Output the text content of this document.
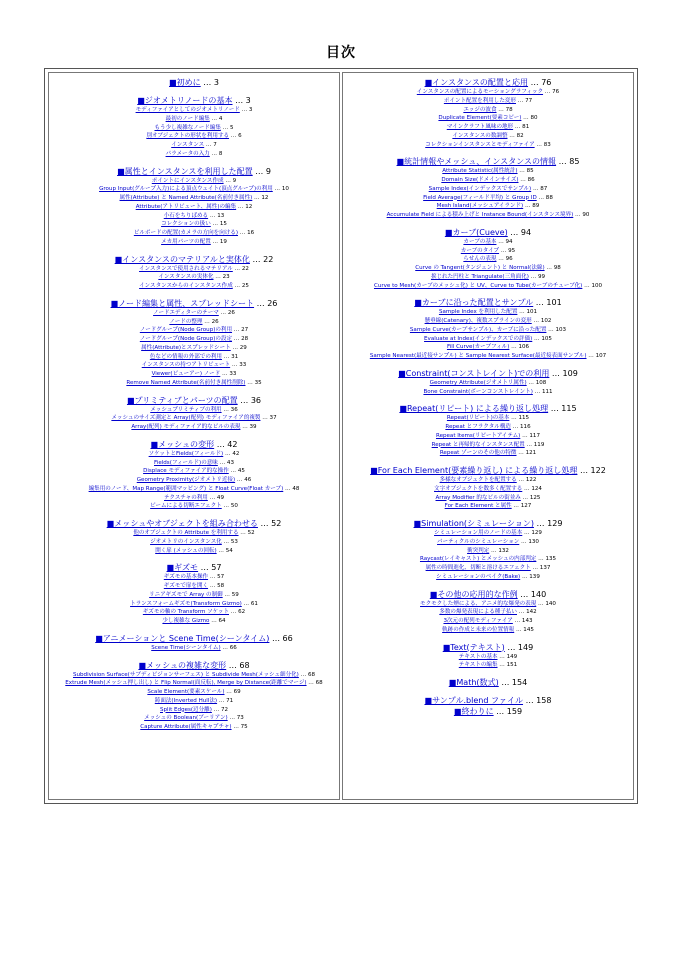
目次
■初めに … 3
■ジオメトリノードの基本 … 3
モディファイアとしてのジオメトリノード … 3
最初のノード編集 … 4
もう少し複雑なノード編集 … 5
別オブジェクトの形状を利用する … 6
インスタンス … 7
パラメータの入力 … 8
■属性とインスタンスを利用した配置 … 9
ポイントにインスタンス作成 … 9
Group Input(グループ入力)による頂点ウェイト(頂点グループ)の利用 … 10
属性(Attribute) と Named Attribute(名前付き属性) … 12
Attribute(アトリビュート、属性)の編集 … 12
小石をちりばめる … 13
コレクションの扱い … 15
ビルボードの配置(カメラの方向を向ける) … 16
メカ用パーツの配置 … 19
■インスタンスのマテリアルと実体化 … 22
インスタンスで使用されるマテリアル … 22
インスタンスの実体化 … 23
インスタンスからのインスタンス作成 … 25
■ノード編集と属性、スプレッドシート … 26
ノードエディターのテーマ … 26
ノードの整理 … 26
ノードグループ(Node Group)の利用 … 27
ノードグループ(Node Group)の設定 … 28
属性(Attribute)とスプレッドシート … 29
色などの情報の外部での利用 … 31
インスタンスの持つアトリビュート … 33
Viewer(ビューアー) ノード … 33
Remove Named Attribute(名前付き属性削除) … 35
■プリミティブとパーツの配置 … 36
メッシュプリミティブの利用 … 36
メッシュのサイズ測定と Array(配列) モディファイア的複製 … 37
Array(配列) モディファイア的なビルの表現 … 39
■メッシュの変形 … 42
ソケットとFields(フィールド) … 42
Fields(フィールド)の意味 … 43
Displace モディファイア的な操作 … 45
Geometry Proximity(ジオメトリ近接) … 46
編集用のノード、Map Range(範囲マッピング) と Float Curve(Float カーブ) … 48
テクスチャの利用 … 49
ビームによる切断エフェクト … 50
■メッシュやオブジェクトを組み合わせる … 52
他のオブジェクトの Attribute を利用する … 52
ジオメトリのインスタンス化 … 53
開く扉 (メッシュの回転) … 54
■ギズモ … 57
ギズモの基本操作 … 57
ギズモで扉を開く … 58
リニアギズモで Array の制御 … 59
トランスフォームギズモ(Transform Gizmo) … 61
ギズモの軸の Transform ソケット … 62
少し複雑な Gizmo … 64
■アニメーションと Scene Time(シーンタイム) … 66
Scene Time(シーンタイム) … 66
■メッシュの複雑な変形 … 68
Subdivision Surface(サブディビジョンサーフェス) と Subdivide Mesh(メッシュ細分化) … 68
Extrude Mesh(メッシュ押し出し) と Flip Normal(面反転), Merge by Distance(距離でマージ) … 68
Scale Element(要素スケール) … 69
鋳面法(Inverted Hull法) … 71
Split Edges(辺分離) … 72
メッシュの Boolean(ブーリアン) … 73
Capture Attribute(属性キャプチャ) … 75
■インスタンスの配置と応用 … 76
インスタンスの配置によるモーショングラフィック … 76
ポイント配置を利用した変形 … 77
エッジの波食 … 78
Duplicate Element(要素コピー) … 80
マインクラフト風味の地形 … 81
インスタンスの数調整 … 82
コレクションインスタンスとモディファイア … 83
■統計情報やメッシュ、インスタンスの情報 … 85
Attribute Statistic(属性統計) … 85
Domain Size(ドメインサイズ) … 86
Sample Index(インデックスでサンプル) … 87
Field Average(フィールド平均) と Group ID … 88
Mesh Island(メッシュアイランド) … 89
Accumulate Field による積み上げと Instance Bound(インスタンス境界) … 90
■カーブ(Cueve) … 94
カーブの基本 … 94
カーブのタイプ … 95
らせんの表現 … 96
Curve の Tangent(タンジェント) と Normal(法線) … 98
捩じれた円柱と Triangulate(三角面化) … 99
Curve to Mesh(カーブのメッシュ化) と UV、Curve to Tube(カーブのチューブ化) … 100
■カーブに沿った配置とサンプル … 101
Sample Index を利用した配置 … 101
懸垂線(Catenary)、複数スプラインの変形 … 102
Sample Curve(カーブサンプル)、カーブに沿った配置 … 103
Evaluate at Index(インデックスでの評価) … 105
Fill Curve(カーブフィル) … 106
Sample Nearest(最近接サンプル) と Sample Nearest Surface(最近接表面サンプル) … 107
■Constraint(コンストレイント)での利用 … 109
Geometry Attribute(ジオメトリ属性) … 108
Bone Constraint(ボーンコンストレイント) … 111
■Repeat(リピート) による繰り返し処理 … 115
Repeat(リピート)の基本 … 115
Repeat とフラクタル構造 … 116
Repeat Items(リピートアイテム) … 117
Repeat と再帰的なインスタンス配置 … 119
Repeat ゾーンのその他の特徴 … 121
■For Each Element(要素繰り返し) による繰り返し処理 … 122
多様なオブジェクトを配置する … 122
文字オブジェクトを数多く配置する … 124
Array Modifier 的なビルの街並み … 125
For Each Element と属性 … 127
■Simulation(シミュレーション) … 129
シミュレーション用のノードの基本 … 129
パーティクルのシミュレーション … 130
衝突判定 … 132
Raycast(レイキャスト) とメッシュの内部判定 … 135
属性の時間進化、切断と溶けるエフェクト … 137
シミュレーションのベイク(Bake) … 139
■その他の応用的な作例 … 140
モクモクした煙による、アニメ的な爆発の表現 … 140
多数の爆発表現による種子払い … 142
3次元の配列モディファイア … 143
軌跡の作成と未来の位置情報 … 145
■Text(テキスト) … 149
テキストの基本 … 149
テキストの編集 … 151
■Math(数式) … 154
■サンプル.blend ファイル … 158
■終わりに … 159
